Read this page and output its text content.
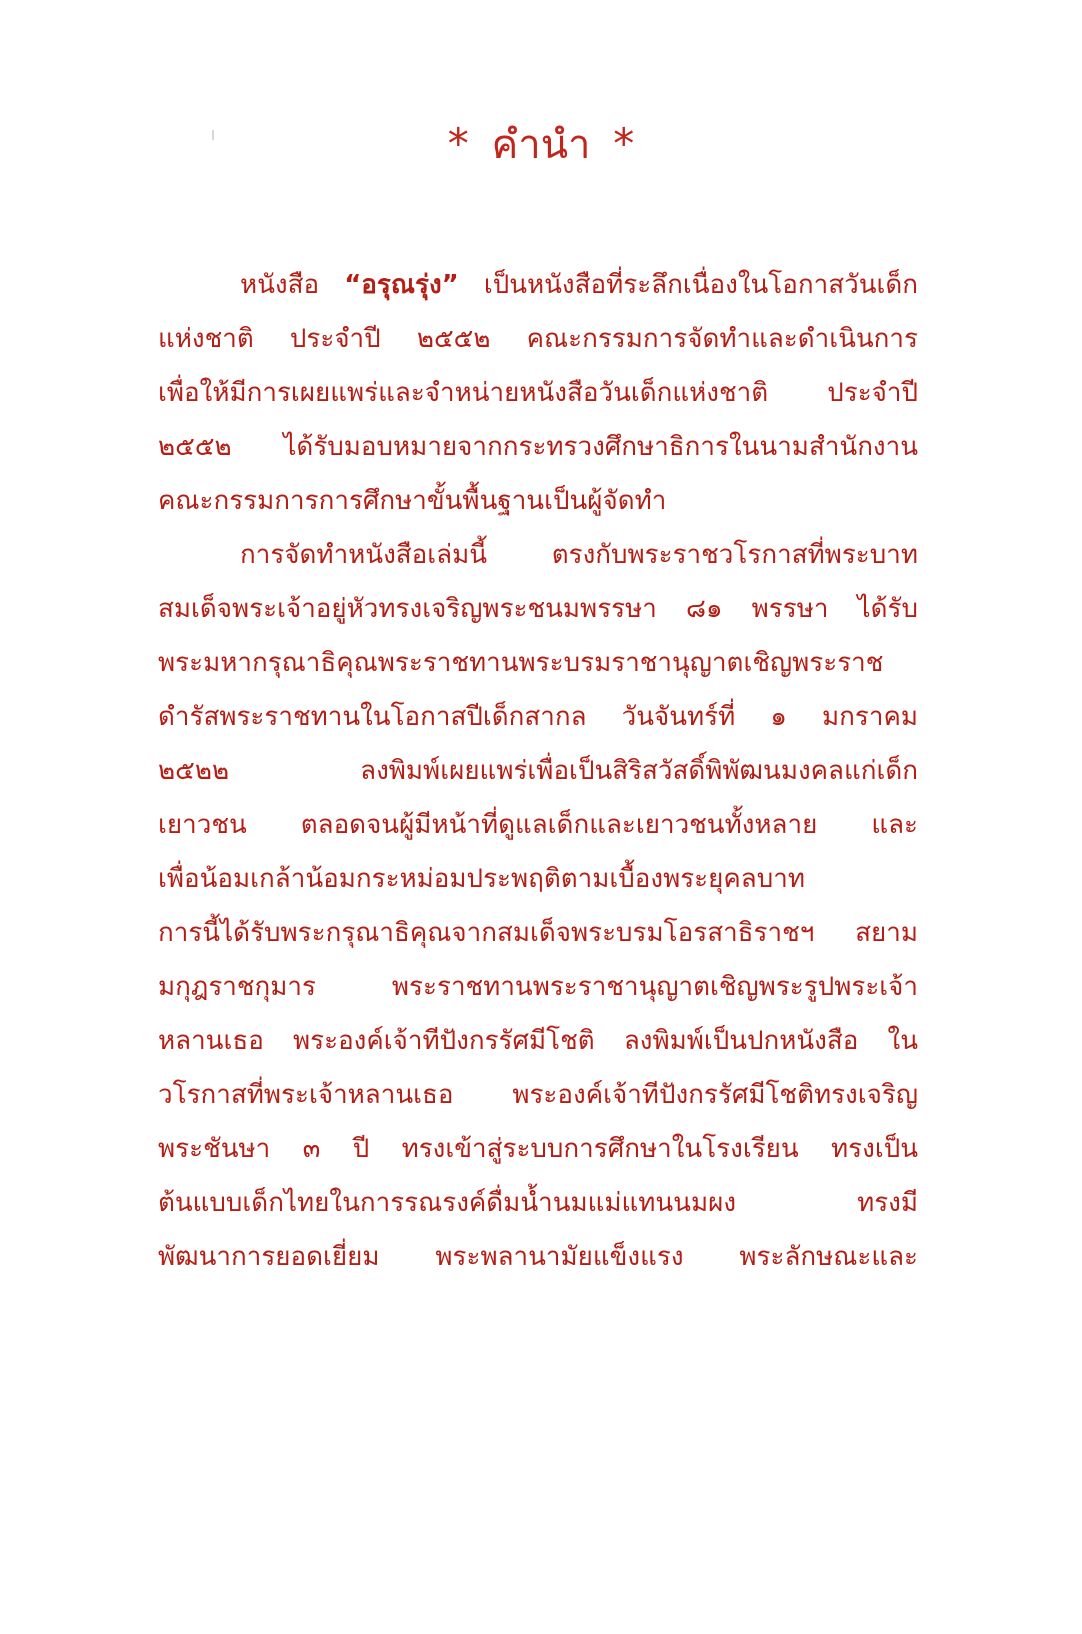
* คำนำ *
หนังสือ “อรุณรุ่ง” เป็นหนังสือที่ระลึกเนื่องในโอกาสวันเด็ก
แห่งชาติ ประจำปี ๒๕๕๒ คณะกรรมการจัดทำและดำเนินการ
เพื่อให้มีการเผยแพร่และจำหน่ายหนังสือวันเด็กแห่งชาติ ประจำปี
๒๕๕๒ ได้รับมอบหมายจากกระทรวงศึกษาธิการในนามสำนักงาน
คณะกรรมการการศึกษาขั้นพื้นฐานเป็นผู้จัดทำ
การจัดทำหนังสือเล่มนี้ ตรงกับพระราชวโรกาสที่พระบาท
สมเด็จพระเจ้าอยู่หัวทรงเจริญพระชนมพรรษา ๘๑ พรรษา ได้รับ
พระมหากรุณาธิคุณพระราชทานพระบรมราชานุญาตเชิญพระราช
ดำรัสพระราชทานในโอกาสปีเด็กสากล วันจันทร์ที่ ๑ มกราคม
๒๕๒๒	ลงพิมพ์เผยแพร่เพื่อเป็นสิริสวัสดิ์พิพัฒนมงคลแก่เด็ก
เยาวชน ตลอดจนผู้มีหน้าที่ดูแลเด็กและเยาวชนทั้งหลาย และ
เพื่อน้อมเกล้าน้อมกระหม่อมประพฤติตามเบื้องพระยุคลบาท
การนี้ได้รับพระกรุณาธิคุณจากสมเด็จพระบรมโอรสาธิราชฯ สยาม
มกุฎราชกุมาร	พระราชทานพระราชานุญาตเชิญพระรูปพระเจ้า
หลานเธอ พระองค์เจ้าทีปังกรรัศมีโชติ ลงพิมพ์เป็นปกหนังสือ ใน
วโรกาสที่พระเจ้าหลานเธอ พระองค์เจ้าทีปังกรรัศมีโชติทรงเจริญ
พระชันษา ๓ ปี ทรงเข้าสู่ระบบการศึกษาในโรงเรียน ทรงเป็น
ต้นแบบเด็กไทยในการรณรงค์ดื่มน้ำนมแม่แทนนมผง	ทรงมี
พัฒนาการยอดเยี่ยม พระพลานามัยแข็งแรง พระลักษณะและ
